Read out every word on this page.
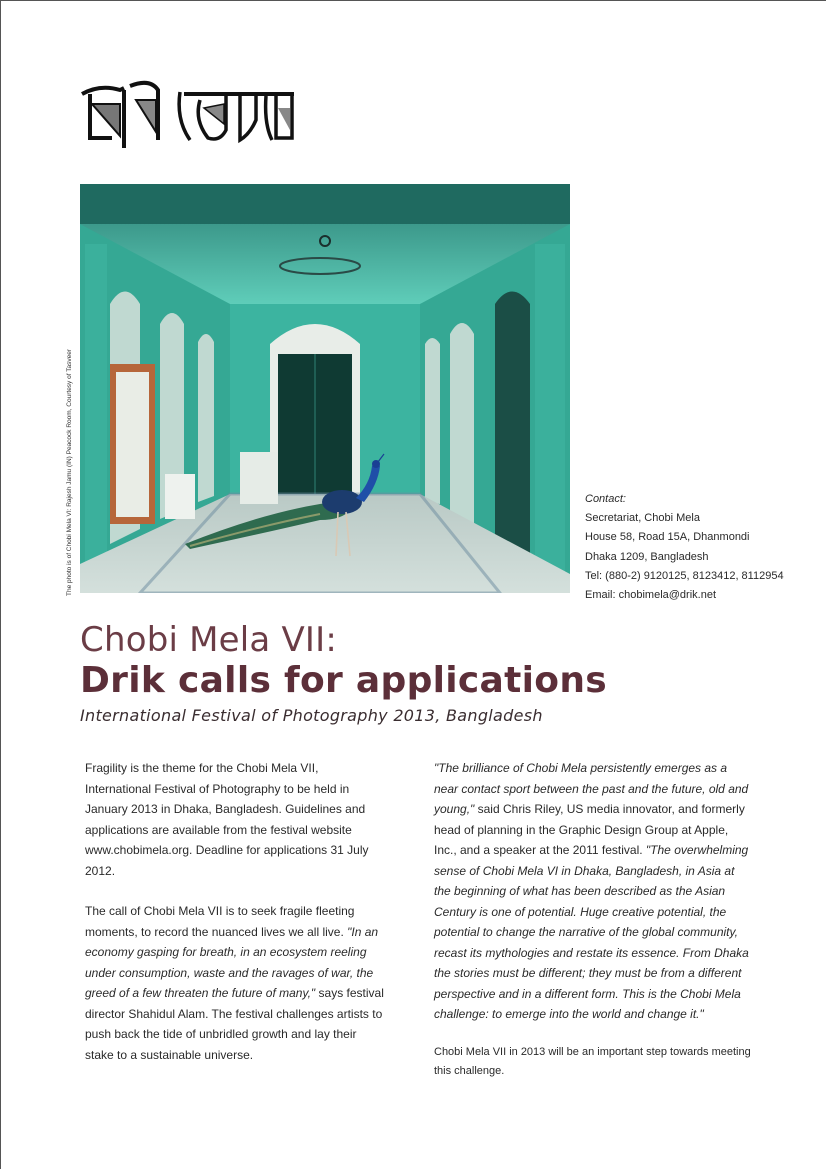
The photo is of Chobi Mela VI: Rajesh Jamu (IN) Peacock Room, Courtesy of Tasveer	Contact:
Secretariat, Chobi Mela
House 58, Road 15A, Dhanmondi
Dhaka 1209, Bangladesh
Tel: (880-2) 9120125, 8123412, 8112954
Email: chobimela@drik.net
Chobi Mela VII:
Drik calls for applications
International Festival of Photography 2013, Bangladesh

Fragility is the theme for the Chobi Mela VII, International Festival of Photography to be held in January 2013 in Dhaka, Bangladesh. Guidelines and applications are available from the festival website www.chobimela.org. Deadline for applications 31 July 2012.

The call of Chobi Mela VII is to seek fragile fleeting moments, to record the nuanced lives we all live. "In an economy gasping for breath, in an ecosystem reeling under consumption, waste and the ravages of war, the greed of a few threaten the future of many," says festival director Shahidul Alam. The festival challenges artists to push back the tide of unbridled growth and lay their stake to a sustainable universe.

"The brilliance of Chobi Mela persistently emerges as a near contact sport between the past and the future, old and young," said Chris Riley, US media innovator, and formerly head of planning in the Graphic Design Group at Apple, Inc., and a speaker at the 2011 festival. "The overwhelming sense of Chobi Mela VI in Dhaka, Bangladesh, in Asia at the beginning of what has been described as the Asian Century is one of potential. Huge creative potential, the potential to change the narrative of the global community, recast its mythologies and restate its essence. From Dhaka the stories must be different; they must be from a different perspective and in a different form. This is the Chobi Mela challenge: to emerge into the world and change it."

Chobi Mela VII in 2013 will be an important step towards meeting this challenge.
